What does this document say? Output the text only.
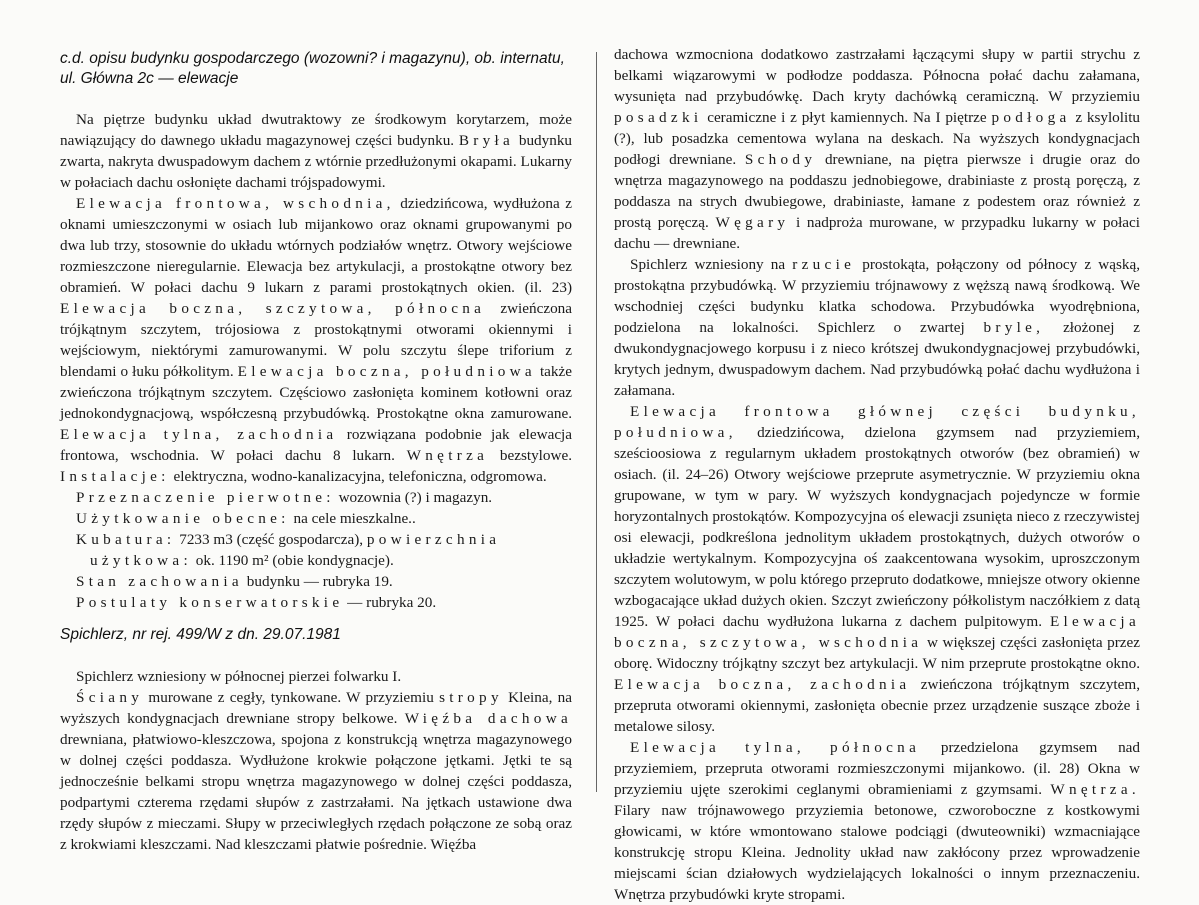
c.d. opisu budynku gospodarczego (wozowni? i magazynu), ob. internatu, ul. Główna 2c — elewacje

Na piętrze budynku układ dwutraktowy ze środkowym korytarzem, może nawiązujący do dawnego układu magazynowej części budynku. Bryła budynku zwarta, nakryta dwuspadowym dachem z wtórnie przedłużonymi okapami. Lukarny w połaciach dachu osłonięte dachami trójspadowymi.

Elewacja frontowa, wschodnia, dziedzińcowa, wydłużona z oknami umieszczonymi w osiach lub mijankowo oraz oknami grupowanymi po dwa lub trzy, stosownie do układu wtórnych podziałów wnętrz. Otwory wejściowe rozmieszczone nieregularnie. Elewacja bez artykulacji, a prostokątne otwory bez obramień. W połaci dachu 9 lukarn z parami prostokątnych okien. (il. 23) Elewacja boczna, szczytowa, północna zwieńczona trójkątnym szczytem, trójosiowa z prostokątnymi otworami okiennymi i wejściowym, niektórymi zamurowanymi. W polu szczytu ślepe triforium z blendami o łuku półkolitym. Elewacja boczna, południowa także zwieńczona trójkątnym szczytem. Częściowo zasłonięta kominem kotłowni oraz jednokondygnacjową, współczesną przybudówką. Prostokątne okna zamurowane. Elewacja tylna, zachodnia rozwiązana podobnie jak elewacja frontowa, wschodnia. W połaci dachu 8 lukarn. Wnętrza bezstylowe. Instalacje: elektryczna, wodno-kanalizacyjna, telefoniczna, odgromowa.

Przeznaczenie pierwotne: wozownia (?) i magazyn.

Użytkowanie obecne: na cele mieszkalne..

Kubatura: 7233 m3 (część gospodarcza), powierzchnia

użytkowa: ok. 1190 m² (obie kondygnacje).

Stan zachowania budynku — rubryka 19.

Postulaty konserwatorskie — rubryka 20.

Spichlerz, nr rej. 499/W z dn. 29.07.1981

Spichlerz wzniesiony w północnej pierzei folwarku I.

Ściany murowane z cegły, tynkowane. W przyziemiu stropy Kleina, na wyższych kondygnacjach drewniane stropy belkowe. Więźba dachowa drewniana, płatwiowo-kleszczowa, spojona z konstrukcją wnętrza magazynowego w dolnej części poddasza. Wydłużone krokwie połączone jętkami. Jętki te są jednocześnie belkami stropu wnętrza magazynowego w dolnej części poddasza, podpartymi czterema rzędami słupów z zastrzałami. Na jętkach ustawione dwa rzędy słupów z mieczami. Słupy w przeciwległych rzędach połączone ze sobą oraz z krokwiami kleszczami. Nad kleszczami płatwie pośrednie. Więźba

dachowa wzmocniona dodatkowo zastrzałami łączącymi słupy w partii strychu z belkami wiązarowymi w podłodze poddasza. Północna połać dachu załamana, wysunięta nad przybudówkę. Dach kryty dachówką ceramiczną. W przyziemiu posadzki ceramiczne i z płyt kamiennych. Na I piętrze podłoga z ksylolitu (?), lub posadzka cementowa wylana na deskach. Na wyższych kondygnacjach podłogi drewniane. Schody drewniane, na piętra pierwsze i drugie oraz do wnętrza magazynowego na poddaszu jednobiegowe, drabiniaste z prostą poręczą, z poddasza na strych dwubiegowe, drabiniaste, łamane z podestem oraz również z prostą poręczą. Węgary i nadproża murowane, w przypadku lukarny w połaci dachu — drewniane.

Spichlerz wzniesiony na rzucie prostokąta, połączony od północy z wąską, prostokątna przybudówką. W przyziemiu trójnawowy z węższą nawą środkową. We wschodniej części budynku klatka schodowa. Przybudówka wyodrębniona, podzielona na lokalności. Spichlerz o zwartej bryle, złożonej z dwukondygnacjowego korpusu i z nieco krótszej dwukondygnacjowej przybudówki, krytych jednym, dwuspadowym dachem. Nad przybudówką połać dachu wydłużona i załamana.

Elewacja frontowa głównej części budynku, południowa, dziedzińcowa, dzielona gzymsem nad przyziemiem, sześcioosiowa z regularnym układem prostokątnych otworów (bez obramień) w osiach. (il. 24–26) Otwory wejściowe przeprute asymetrycznie. W przyziemiu okna grupowane, w tym w pary. W wyższych kondygnacjach pojedyncze w formie horyzontalnych prostokątów. Kompozycyjna oś elewacji zsunięta nieco z rzeczywistej osi elewacji, podkreślona jednolitym układem prostokątnych, dużych otworów o układzie wertykalnym. Kompozycyjna oś zaakcentowana wysokim, uproszczonym szczytem wolutowym, w polu którego przepruto dodatkowe, mniejsze otwory okienne wzbogacające układ dużych okien. Szczyt zwieńczony półkolistym naczółkiem z datą 1925. W połaci dachu wydłużona lukarna z dachem pulpitowym. Elewacja boczna, szczytowa, wschodnia w większej części zasłonięta przez oborę. Widoczny trójkątny szczyt bez artykulacji. W nim przeprute prostokątne okno. Elewacja boczna, zachodnia zwieńczona trójkątnym szczytem, przepruta otworami okiennymi, zasłonięta obecnie przez urządzenie suszące zboże i metalowe silosy.

Elewacja tylna, północna przedzielona gzymsem nad przyziemiem, przepruta otworami rozmieszczonymi mijankowo. (il. 28) Okna w przyziemiu ujęte szerokimi ceglanymi obramieniami z gzymsami. Wnętrza. Filary naw trójnawowego przyziemia betonowe, czworoboczne z kostkowymi głowicami, w które wmontowano stalowe podciągi (dwuteowniki) wzmacniające konstrukcję stropu Kleina. Jednolity układ naw zakłócony przez wprowadzenie miejscami ścian działowych wydzielających lokalności o innym przeznaczeniu. Wnętrza przybudówki kryte stropami.
